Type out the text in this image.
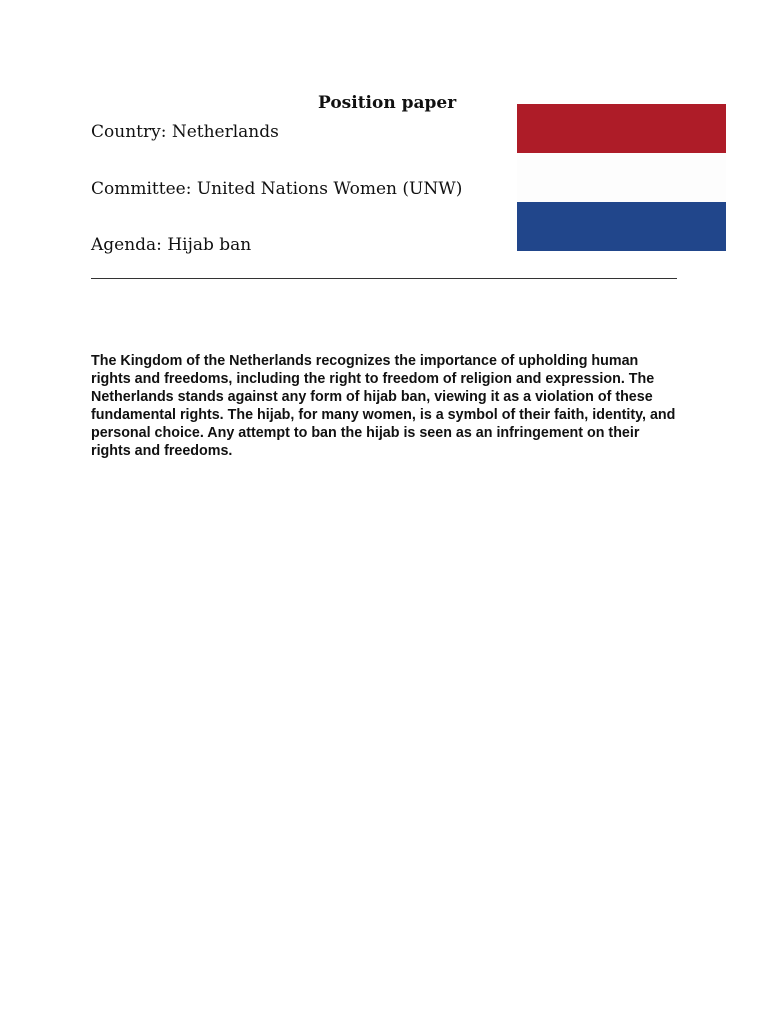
Position paper
Country: Netherlands
Committee: United Nations Women (UNW)
Agenda: Hijab ban

The Kingdom of the Netherlands recognizes the importance of upholding human rights and freedoms, including the right to freedom of religion and expression. The Netherlands stands against any form of hijab ban, viewing it as a violation of these fundamental rights. The hijab, for many women, is a symbol of their faith, identity, and personal choice. Any attempt to ban the hijab is seen as an infringement on their rights and freedoms.
